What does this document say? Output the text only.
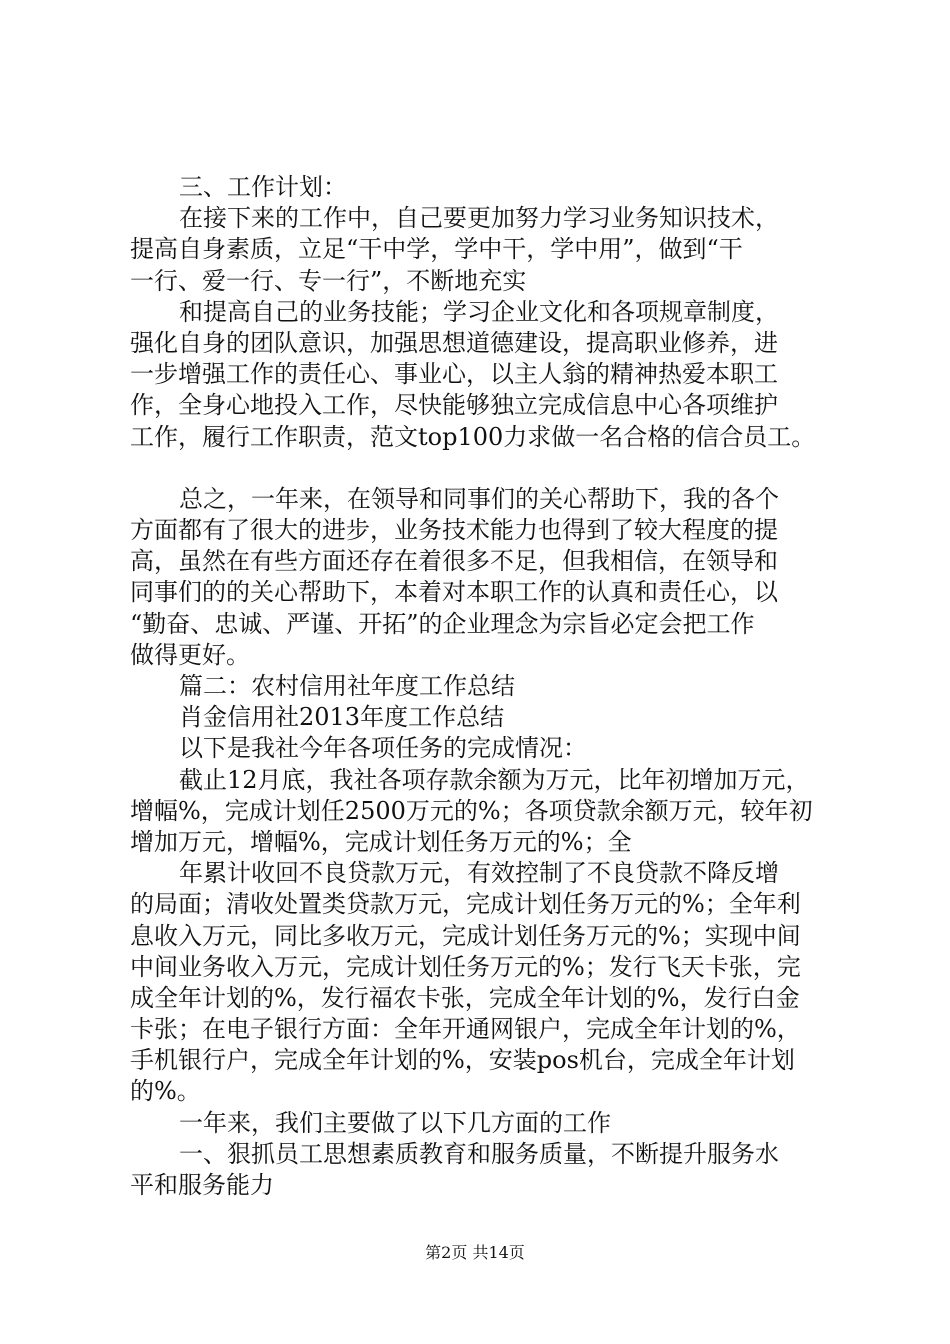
三、工作计划：
在接下来的工作中，自己要更加努力学习业务知识技术，
提高自身素质，立足“干中学，学中干，学中用”，做到“干
一行、爱一行、专一行”，不断地充实
和提高自己的业务技能；学习企业文化和各项规章制度，
强化自身的团队意识，加强思想道德建设，提高职业修养，进
一步增强工作的责任心、事业心，以主人翁的精神热爱本职工
作，全身心地投入工作，尽快能够独立完成信息中心各项维护
工作，履行工作职责，范文top100力求做一名合格的信合员工。
总之，一年来，在领导和同事们的关心帮助下，我的各个
方面都有了很大的进步，业务技术能力也得到了较大程度的提
高，虽然在有些方面还存在着很多不足，但我相信，在领导和
同事们的的关心帮助下，本着对本职工作的认真和责任心，以
“勤奋、忠诚、严谨、开拓”的企业理念为宗旨必定会把工作
做得更好。
篇二：农村信用社年度工作总结
肖金信用社2013年度工作总结
以下是我社今年各项任务的完成情况：
截止12月底，我社各项存款余额为万元，比年初增加万元，
增幅%，完成计划任2500万元的%；各项贷款余额万元，较年初
增加万元，增幅%，完成计划任务万元的%；全
年累计收回不良贷款万元，有效控制了不良贷款不降反增
的局面；清收处置类贷款万元，完成计划任务万元的%；全年利
息收入万元，同比多收万元，完成计划任务万元的%；实现中间
中间业务收入万元，完成计划任务万元的%；发行飞天卡张，完
成全年计划的%，发行福农卡张，完成全年计划的%，发行白金
卡张；在电子银行方面：全年开通网银户，完成全年计划的%，
手机银行户，完成全年计划的%，安装pos机台，完成全年计划
的%。
一年来，我们主要做了以下几方面的工作
一、狠抓员工思想素质教育和服务质量，不断提升服务水
平和服务能力
第2页 共14页
